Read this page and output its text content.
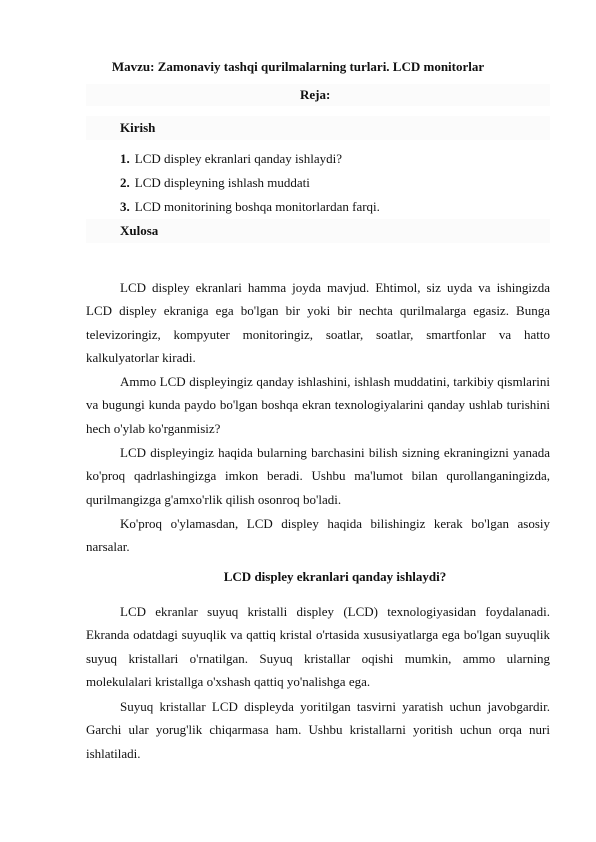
Mavzu: Zamonaviy tashqi qurilmalarning turlari. LCD monitorlar
Reja:
Kirish
1. LCD displey ekranlari qanday ishlaydi?
2. LCD displeyning ishlash muddati
3. LCD monitorining boshqa monitorlardan farqi.
Xulosa

LCD displey ekranlari hamma joyda mavjud. Ehtimol, siz uyda va ishingizda LCD displey ekraniga ega bo'lgan bir yoki bir nechta qurilmalarga egasiz. Bunga televizoringiz, kompyuter monitoringiz, soatlar, soatlar, smartfonlar va hatto kalkulyatorlar kiradi.

Ammo LCD displeyingiz qanday ishlashini, ishlash muddatini, tarkibiy qismlarini va bugungi kunda paydo bo'lgan boshqa ekran texnologiyalarini qanday ushlab turishini hech o'ylab ko'rganmisiz?

LCD displeyingiz haqida bularning barchasini bilish sizning ekraningizni yanada ko'proq qadrlashingizga imkon beradi. Ushbu ma'lumot bilan qurollanganingizda, qurilmangizga g'amxo'rlik qilish osonroq bo'ladi.

Ko'proq o'ylamasdan, LCD displey haqida bilishingiz kerak bo'lgan asosiy narsalar.

LCD displey ekranlari qanday ishlaydi?

LCD ekranlar suyuq kristalli displey (LCD) texnologiyasidan foydalanadi. Ekranda odatdagi suyuqlik va qattiq kristal o'rtasida xususiyatlarga ega bo'lgan suyuqlik suyuq kristallari o'rnatilgan. Suyuq kristallar oqishi mumkin, ammo ularning molekulalari kristallga o'xshash qattiq yo'nalishga ega.

Suyuq kristallar LCD displeyda yoritilgan tasvirni yaratish uchun javobgardir. Garchi ular yorug'lik chiqarmasa ham. Ushbu kristallarni yoritish uchun orqa nuri ishlatiladi.
